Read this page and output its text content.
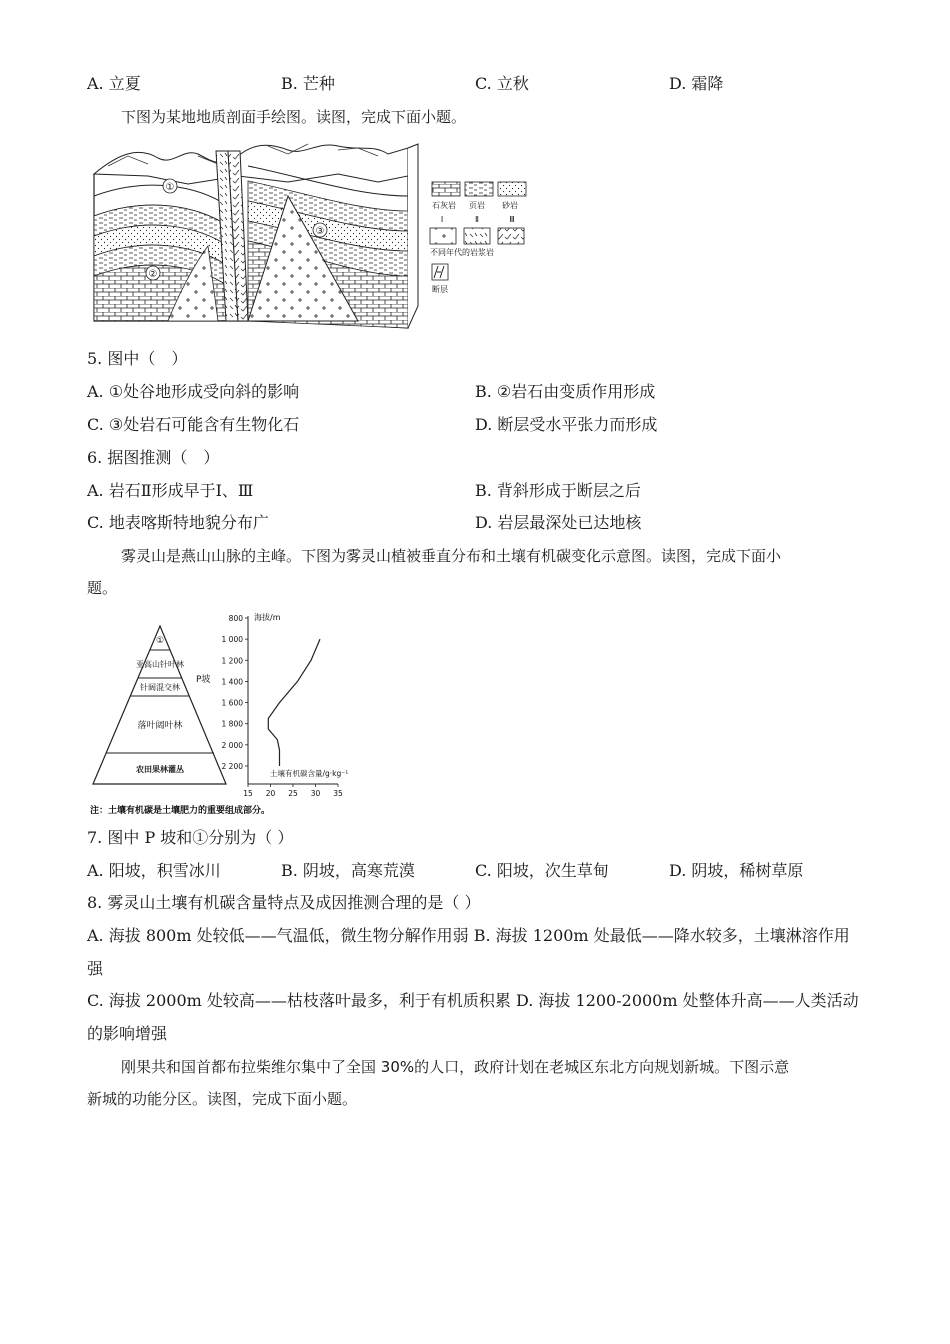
A. 立夏	B. 芒种	C. 立秋	D. 霜降
下图为某地地质剖面手绘图。读图，完成下面小题。
①
②
③
石灰岩 页岩 砂岩
Ⅰ	Ⅱ	Ⅲ
不同年代的岩浆岩
断层
5. 图中（　）
A. ①处谷地形成受向斜的影响	B. ②岩石由变质作用形成
C. ③处岩石可能含有生物化石	D. 断层受水平张力而形成
6. 据图推测（　）
A. 岩石Ⅱ形成早于Ⅰ、Ⅲ	B. 背斜形成于断层之后
C. 地表喀斯特地貌分布广	D. 岩层最深处已达地核
雾灵山是燕山山脉的主峰。下图为雾灵山植被垂直分布和土壤有机碳变化示意图。读图，完成下面小
题。
①
亚高山针叶林
针阔混交林
落叶阔叶林
农田果林灌丛
P坡
海拔/m
2 200
2 000
1 800
1 600
1 400
1 200
1 000
800
15 20 25 30 35
土壤有机碳含量/g·kg⁻¹
注：土壤有机碳是土壤肥力的重要组成部分。
7. 图中 P 坡和①分别为（ ）
A. 阳坡，积雪冰川	B. 阴坡，高寒荒漠	C. 阳坡，次生草甸	D. 阴坡，稀树草原
8. 雾灵山土壤有机碳含量特点及成因推测合理的是（ ）
A. 海拔 800m 处较低——气温低，微生物分解作用弱 B. 海拔 1200m 处最低——降水较多，土壤淋溶作用
强
C. 海拔 2000m 处较高——枯枝落叶最多，利于有机质积累 D. 海拔 1200-2000m 处整体升高——人类活动
的影响增强
刚果共和国首都布拉柴维尔集中了全国 30%的人口，政府计划在老城区东北方向规划新城。下图示意
新城的功能分区。读图，完成下面小题。
